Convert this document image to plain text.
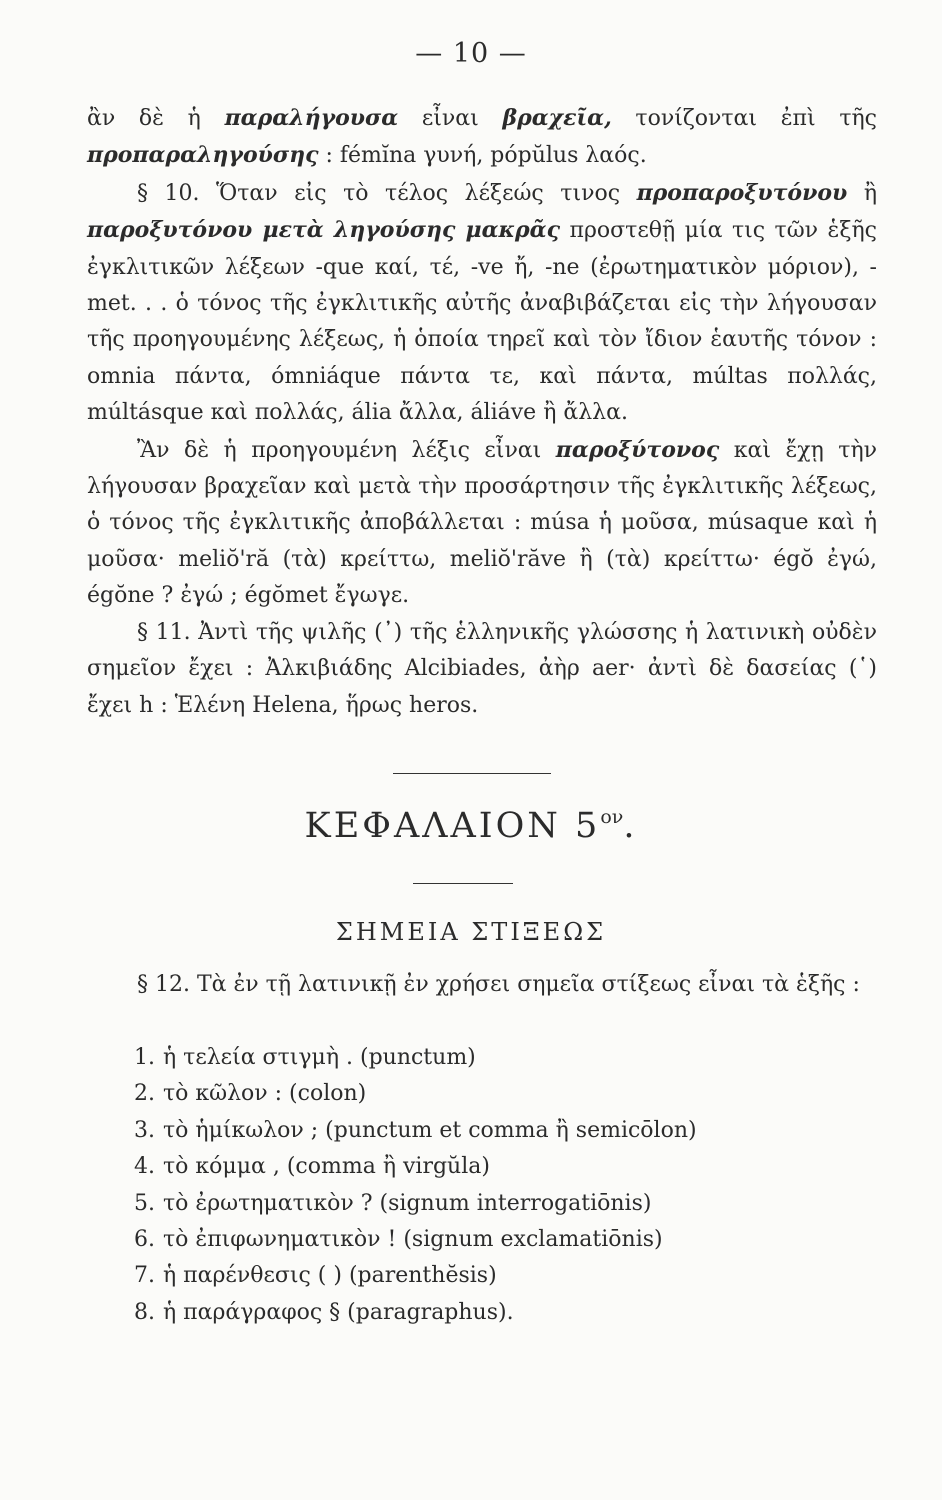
— 10 —

ἂν δὲ ἡ παραλήγουσα εἶναι βραχεῖα, τονίζονται ἐπὶ τῆς προπαραληγούσης : fémĭna γυνή, pópŭlus λαός.

§ 10. Ὅταν εἰς τὸ τέλος λέξεώς τινος προπαροξυτόνου ἢ παροξυτόνου μετὰ ληγούσης μακρᾶς προστεθῇ μία τις τῶν ἑξῆς ἐγκλιτικῶν λέξεων -que καί, τέ, -ve ἤ, -ne (ἐρωτηματικὸν μόριον), -met. . . ὁ τόνος τῆς ἐγκλιτικῆς αὐτῆς ἀναβιβάζεται εἰς τὴν λήγουσαν τῆς προηγουμένης λέξεως, ἡ ὁποία τηρεῖ καὶ τὸν ἴδιον ἑαυτῆς τόνον : omnia πάντα, ómniáque πάντα τε, καὶ πάντα, múltas πολλάς, múltásque καὶ πολλάς, ália ἄλλα, áliáve ἢ ἄλλα.

Ἂν δὲ ἡ προηγουμένη λέξις εἶναι παροξύτονος καὶ ἔχῃ τὴν λήγουσαν βραχεῖαν καὶ μετὰ τὴν προσάρτησιν τῆς ἐγκλιτικῆς λέξεως, ὁ τόνος τῆς ἐγκλιτικῆς ἀποβάλλεται : músa ἡ μοῦσα, músaque καὶ ἡ μοῦσα· meliŏ'ră (τὰ) κρείττω, meliŏ'răve ἢ (τὰ) κρείττω· égŏ ἐγώ, égŏne ? ἐγώ ; égŏmet ἔγωγε.

§ 11. Ἀντὶ τῆς ψιλῆς (᾿) τῆς ἑλληνικῆς γλώσσης ἡ λατινικὴ οὐδὲν σημεῖον ἔχει : Ἀλκιβιάδης Alcibiades, ἀὴρ aer· ἀντὶ δὲ δασείας (῾) ἔχει h : Ἑλένη Helena, ἥρως heros.

ΚΕΦΑΛΑΙΟΝ $5^{o\nu}$.
ΣΗΜΕΙΑ ΣΤΙΞΕΩΣ

§ 12. Τὰ ἐν τῇ λατινικῇ ἐν χρήσει σημεῖα στίξεως εἶναι τὰ ἑξῆς :

1. ἡ τελεία στιγμὴ . (punctum)
2. τὸ κῶλον : (colon)
3. τὸ ἡμίκωλον ; (punctum et comma ἢ semicōlon)
4. τὸ κόμμα , (comma ἢ virgŭla)
5. τὸ ἐρωτηματικὸν ? (signum interrogatiōnis)
6. τὸ ἐπιφωνηματικὸν ! (signum exclamatiōnis)
7. ἡ παρένθεσις ( ) (parenthĕsis)
8. ἡ παράγραφος § (paragraphus).
